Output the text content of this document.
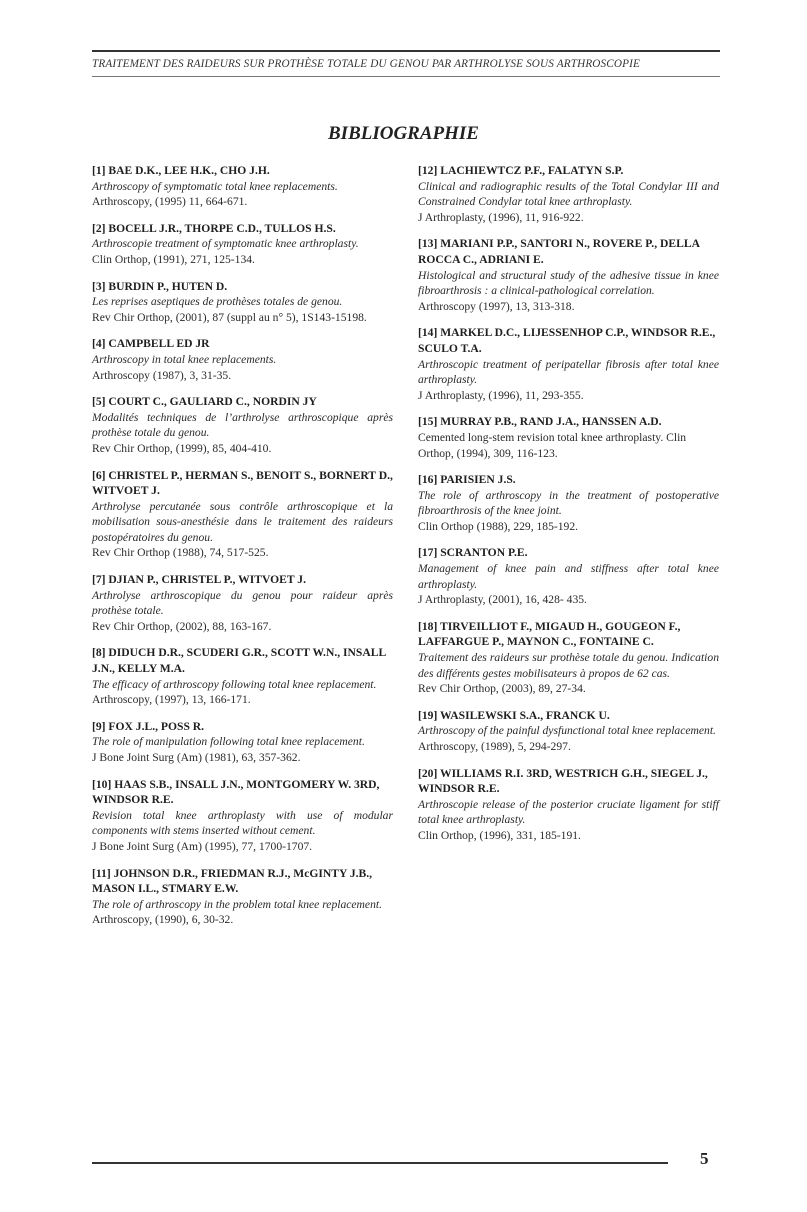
TRAITEMENT DES RAIDEURS SUR PROTHÈSE TOTALE DU GENOU PAR ARTHROLYSE SOUS ARTHROSCOPIE
BIBLIOGRAPHIE
[1] BAE D.K., LEE H.K., CHO J.H.
Arthroscopy of symptomatic total knee replacements.
Arthroscopy, (1995) 11, 664-671.
[2] BOCELL J.R., THORPE C.D., TULLOS H.S.
Arthroscopie treatment of symptomatic knee arthroplasty.
Clin Orthop, (1991), 271, 125-134.
[3] BURDIN P., HUTEN D.
Les reprises aseptiques de prothèses totales de genou.
Rev Chir Orthop, (2001), 87 (suppl au n° 5), 1S143-15198.
[4] CAMPBELL ED JR
Arthroscopy in total knee replacements.
Arthroscopy (1987), 3, 31-35.
[5] COURT C., GAULIARD C., NORDIN JY
Modalités techniques de l’arthrolyse arthroscopique après prothèse totale du genou.
Rev Chir Orthop, (1999), 85, 404-410.
[6] CHRISTEL P., HERMAN S., BENOIT S., BORNERT D., WITVOET J.
Arthrolyse percutanée sous contrôle arthroscopique et la mobilisation sous-anesthésie dans le traitement des raideurs postopératoires du genou.
Rev Chir Orthop (1988), 74, 517-525.
[7] DJIAN P., CHRISTEL P., WITVOET J.
Arthrolyse arthroscopique du genou pour raideur après prothèse totale.
Rev Chir Orthop, (2002), 88, 163-167.
[8] DIDUCH D.R., SCUDERI G.R., SCOTT W.N., INSALL J.N., KELLY M.A.
The efficacy of arthroscopy following total knee replacement.
Arthroscopy, (1997), 13, 166-171.
[9] FOX J.L., POSS R.
The role of manipulation following total knee replacement.
J Bone Joint Surg (Am) (1981), 63, 357-362.
[10] HAAS S.B., INSALL J.N., MONTGOMERY W. 3RD, WINDSOR R.E.
Revision total knee arthroplasty with use of modular components with stems inserted without cement.
J Bone Joint Surg (Am) (1995), 77, 1700-1707.
[11] JOHNSON D.R., FRIEDMAN R.J., McGINTY J.B., MASON I.L., STMARY E.W.
The role of arthroscopy in the problem total knee replacement.
Arthroscopy, (1990), 6, 30-32.
[12] LACHIEWTCZ P.F., FALATYN S.P.
Clinical and radiographic results of the Total Condylar III and Constrained Condylar total knee arthroplasty.
J Arthroplasty, (1996), 11, 916-922.
[13] MARIANI P.P., SANTORI N., ROVERE P., DELLA ROCCA C., ADRIANI E.
Histological and structural study of the adhesive tissue in knee fibroarthrosis : a clinical-pathological correlation.
Arthroscopy (1997), 13, 313-318.
[14] MARKEL D.C., LIJESSENHOP C.P., WINDSOR R.E., SCULO T.A.
Arthroscopic treatment of peripatellar fibrosis after total knee arthroplasty.
J Arthroplasty, (1996), 11, 293-355.
[15] MURRAY P.B., RAND J.A., HANSSEN A.D.
Cemented long-stem revision total knee arthroplasty. Clin Orthop, (1994), 309, 116-123.
[16] PARISIEN J.S.
The role of arthroscopy in the treatment of postoperative fibroarthrosis of the knee joint.
Clin Orthop (1988), 229, 185-192.
[17] SCRANTON P.E.
Management of knee pain and stiffness after total knee arthroplasty.
J Arthroplasty, (2001), 16, 428- 435.
[18] TIRVEILLIOT F., MIGAUD H., GOUGEON F., LAFFARGUE P., MAYNON C., FONTAINE C.
Traitement des raideurs sur prothèse totale du genou. Indication des différents gestes mobilisateurs à propos de 62 cas.
Rev Chir Orthop, (2003), 89, 27-34.
[19] WASILEWSKI S.A., FRANCK U.
Arthroscopy of the painful dysfunctional total knee replacement.
Arthroscopy, (1989), 5, 294-297.
[20] WILLIAMS R.I. 3RD, WESTRICH G.H., SIEGEL J., WINDSOR R.E.
Arthroscopie release of the posterior cruciate ligament for stiff total knee arthroplasty.
Clin Orthop, (1996), 331, 185-191.
5
